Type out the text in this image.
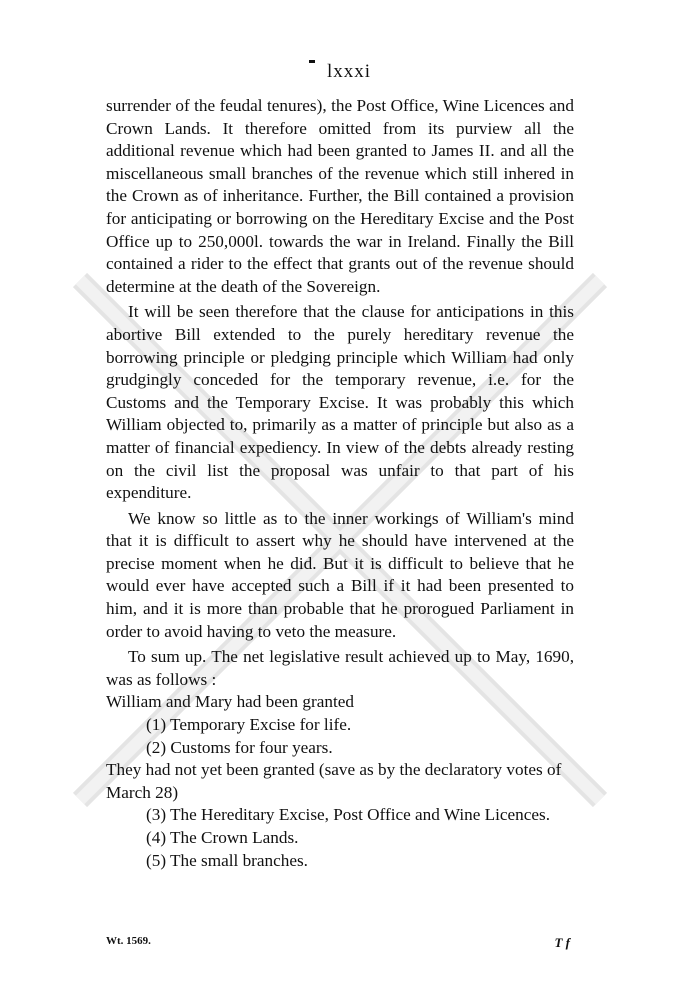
lxxxi

surrender of the feudal tenures), the Post Office, Wine Licences and Crown Lands. It therefore omitted from its purview all the additional revenue which had been granted to James II. and all the miscellaneous small branches of the revenue which still inhered in the Crown as of inheritance. Further, the Bill contained a provision for anticipating or borrowing on the Hereditary Excise and the Post Office up to 250,000l. towards the war in Ireland. Finally the Bill contained a rider to the effect that grants out of the revenue should determine at the death of the Sovereign.

It will be seen therefore that the clause for anticipations in this abortive Bill extended to the purely hereditary revenue the borrowing principle or pledging principle which William had only grudgingly conceded for the temporary revenue, i.e. for the Customs and the Temporary Excise. It was probably this which William objected to, primarily as a matter of principle but also as a matter of financial expediency. In view of the debts already resting on the civil list the proposal was unfair to that part of his expenditure.

We know so little as to the inner workings of William's mind that it is difficult to assert why he should have intervened at the precise moment when he did. But it is difficult to believe that he would ever have accepted such a Bill if it had been presented to him, and it is more than probable that he prorogued Parliament in order to avoid having to veto the measure.

To sum up. The net legislative result achieved up to May, 1690, was as follows :

William and Mary had been granted

(1) Temporary Excise for life.
(2) Customs for four years.

They had not yet been granted (save as by the declaratory votes of March 28)

(3) The Hereditary Excise, Post Office and Wine Licences.
(4) The Crown Lands.
(5) The small branches.
Wt. 1569.	T f
